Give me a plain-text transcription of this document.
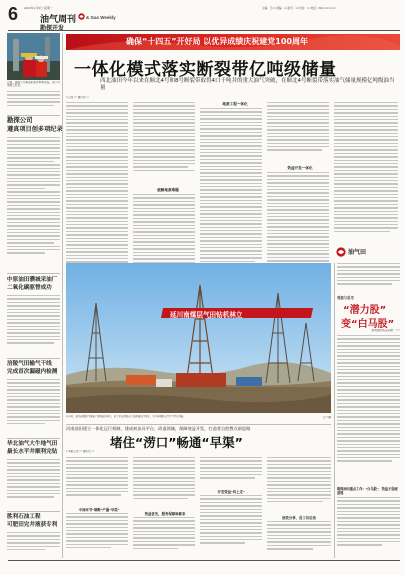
6 2023年1月9日 星期一
油气周刊 & Gas Weekly
勘探开发
主编：王×× 责编：×× 版式：×× 校对：×× 电话：010-××××××××
日前，勘探公司承钻的某井顺利完钻，创下多项施工纪录。
勘探公司
遵真项目创多项纪录
中原油田濮城采油厂
二氧化碳驱替成功
涪陵气田输气干线
完成首次漏磁内检测
华北油气大牛地气田
最长水平井顺利完钻
胜利石油工程
可肥田完井液获专利
确保“十四五”开好局 以优异成绩庆祝建党100周年
一体化模式落实断裂带亿吨级储量
西北油田今年以来在顺北4号和8号断裂带取得4口千吨井的重大油气突破，在顺北4号断裂带落实油气储量规模亿吨级油当量
□ 记者 ×× 通讯员 ××
破解地质难题
地质工程一体化
效益开发一体化
油气田
延川南煤层气田钻机林立
2月4日，延川南煤层气田施工现场钻机林立，员工正在紧张有序地开展钻井作业，为今年增储上产打下坚实基础。	石××摄
河南油田建立一体化运行机制，建成初步具平台，改造领域，保障效益开发，打造者自挖教点新思路
堵住“涝口”畅通“早渠”
□ 本报记者 ×× 通讯员 ××
中间环节“堵断”产量“早渠”
效益优先，服务保障谁都来
开发效益“向上走”
放效分享，员工有后劲
观察与思考
“潜力股”
变“白马股”
胜利油田孤岛采油厂 ×××
勘探油田重点工作：“白马股”，效益才是硬道理
